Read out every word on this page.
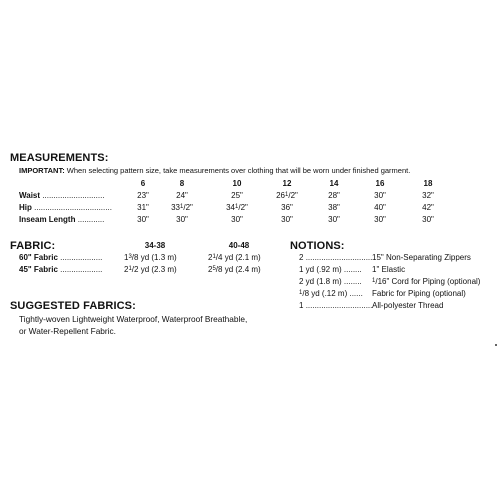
MEASUREMENTS:
IMPORTANT: When selecting pattern size, take measurements over clothing that will be worn under finished garment.
6	8	10	12	14	16	18
Waist ............................	23"	24"	25"	$26^1/2$"	28"	30"	32"
Hip ...................................	31"	$33^1/2$"	$34^1/2$"	36"	38"	40"	42"
Inseam Length ............	30"	30"	30"	30"	30"	30"	30"
FABRIC:	34-38	40-48
60" Fabric ...................	$1^3/8$ yd (1.3 m)	$2^1/4$ yd (2.1 m)
45" Fabric ...................	$2^1/2$ yd (2.3 m)	$2^5/8$ yd (2.4 m)
NOTIONS:
2 .............................. 15" Non-Separating Zippers
1 yd (.92 m) ........ 1" Elastic
2 yd (1.8 m) ........ $^1$/16" Cord for Piping (optional)
$^1$/8 yd (.12 m) ...... Fabric for Piping (optional)
1 .............................. All-polyester Thread
SUGGESTED FABRICS:
Tightly-woven Lightweight Waterproof, Waterproof Breathable,
or Water-Repellent Fabric.
